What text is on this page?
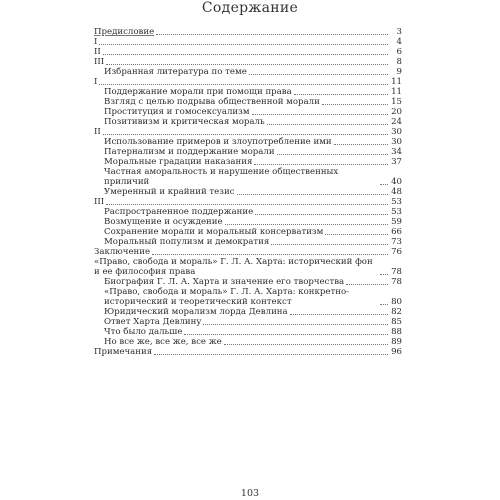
Содержание
Предисловие	3
I	4
II	6
III	8
Избранная литература по теме	9
I	11
Поддержание морали при помощи права	11
Взгляд с целью подрыва общественной морали	15
Проституция и гомосексуализм	20
Позитивизм и критическая мораль	24
II	30
Использование примеров и злоупотребление ими	30
Патернализм и поддержание морали	34
Моральные градации наказания	37
Частная аморальность и нарушение общественных приличий	40
Умеренный и крайний тезис	48
III	53
Распространенное поддержание	53
Возмущение и осуждение	59
Сохранение морали и моральный консерватизм	66
Моральный популизм и демократия	73
Заключение	76
«Право, свобода и мораль» Г. Л. А. Харта: исторический фон и ее философия права	78
Биография Г. Л. А. Харта и значение его творчества	78
«Право, свобода и мораль» Г. Л. А. Харта: конкретно-исторический и теоретический контекст	80
Юридический морализм лорда Девлина	82
Ответ Харта Девлину	85
Что было дальше	88
Но все же, все же, все же	89
Примечания	96
103
